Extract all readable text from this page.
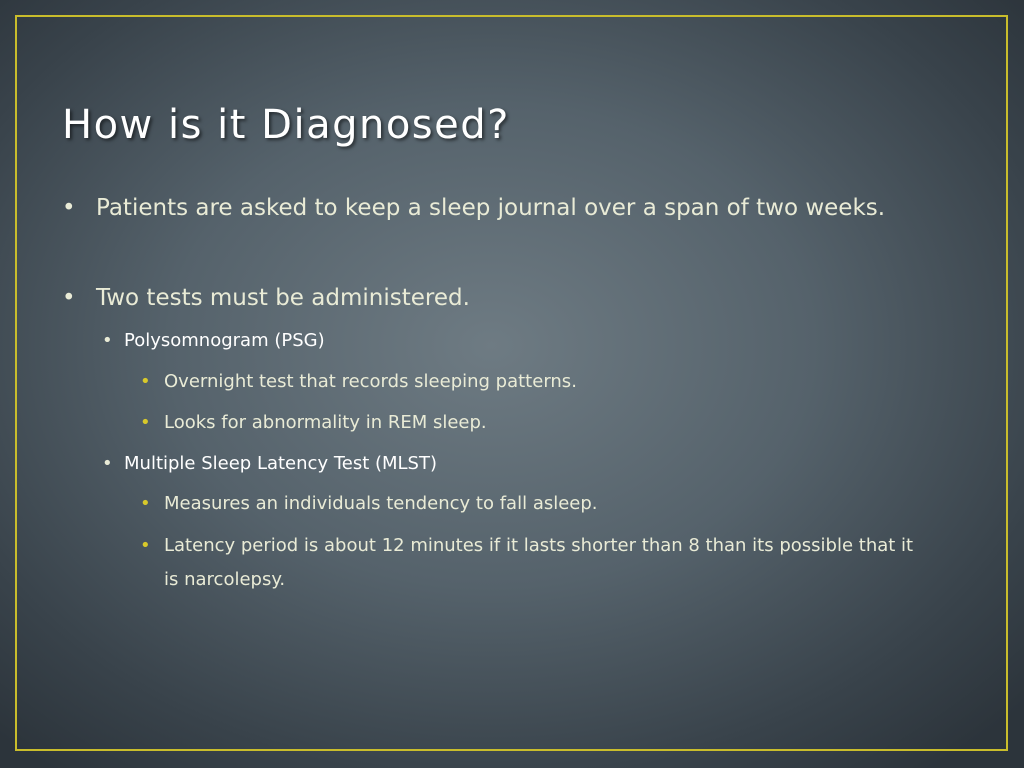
How is it Diagnosed?
• Patients are asked to keep a sleep journal over a span of two weeks.
• Two tests must be administered.
• Polysomnogram (PSG)
• Overnight test that records sleeping patterns.
• Looks for abnormality in REM sleep.
• Multiple Sleep Latency Test (MLST)
• Measures an individuals tendency to fall asleep.
• Latency period is about 12 minutes if it lasts shorter than 8 than its possible that it is narcolepsy.
